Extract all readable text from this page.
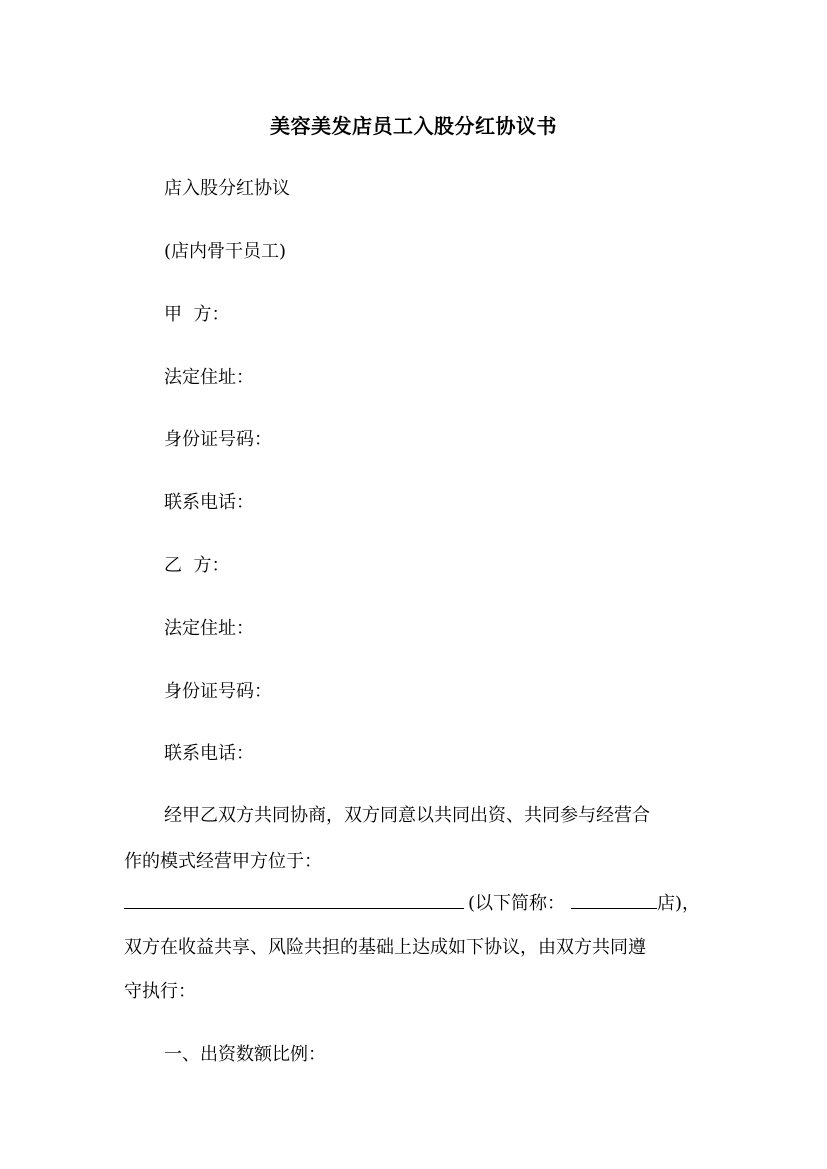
美容美发店员工入股分红协议书
店入股分红协议
(店内骨干员工)
甲  方：
法定住址：
身份证号码：
联系电话：
乙  方：
法定住址：
身份证号码：
联系电话：
经甲乙双方共同协商，双方同意以共同出资、共同参与经营合
作的模式经营甲方位于：
(以下简称：	店)，
双方在收益共享、风险共担的基础上达成如下协议，由双方共同遵
守执行：
一、出资数额比例：
